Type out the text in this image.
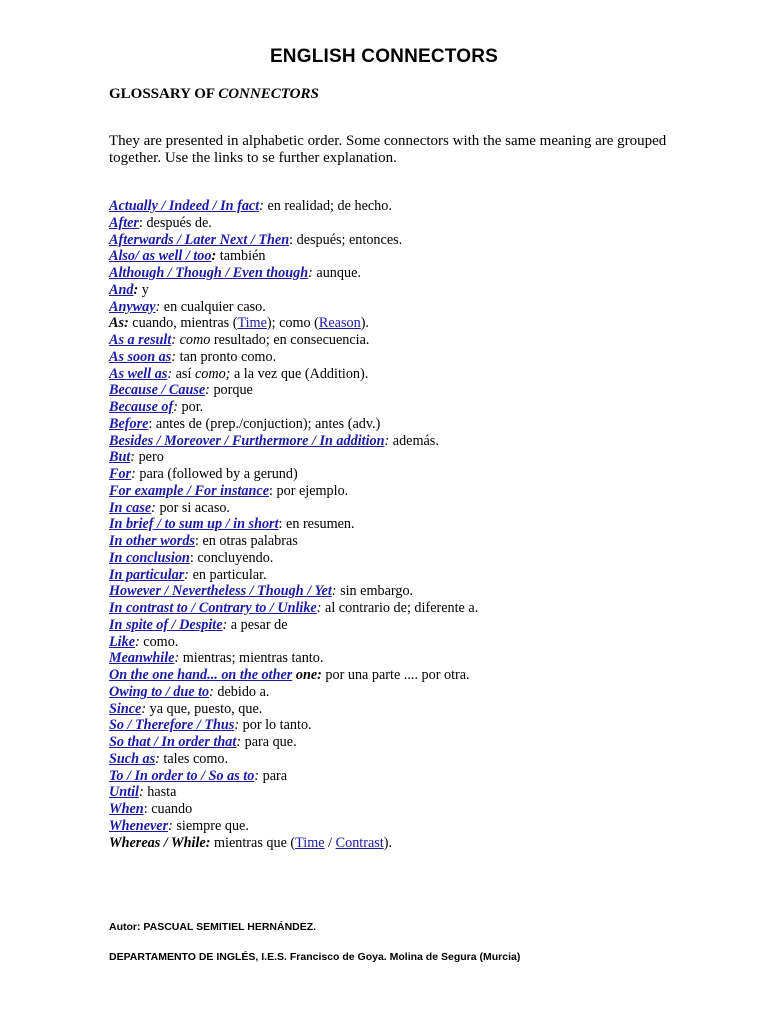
ENGLISH CONNECTORS
GLOSSARY OF CONNECTORS
They are presented in alphabetic order. Some connectors with the same meaning are grouped together. Use the links to se further explanation.
Actually / Indeed / In fact: en realidad; de hecho.
After: después de.
Afterwards / Later Next / Then: después; entonces.
Also/ as well / too: también
Although / Though / Even though: aunque.
And: y
Anyway: en cualquier caso.
As: cuando, mientras (Time); como (Reason).
As a result: como resultado; en consecuencia.
As soon as: tan pronto como.
As well as: así como; a la vez que (Addition).
Because / Cause: porque
Because of: por.
Before: antes de (prep./conjuction); antes (adv.)
Besides / Moreover / Furthermore / In addition: además.
But: pero
For: para (followed by a gerund)
For example / For instance: por ejemplo.
In case: por si acaso.
In brief / to sum up / in short: en resumen.
In other words: en otras palabras
In conclusion: concluyendo.
In particular: en particular.
However / Nevertheless / Though / Yet: sin embargo.
In contrast to / Contrary to / Unlike: al contrario de; diferente a.
In spite of / Despite: a pesar de
Like: como.
Meanwhile: mientras; mientras tanto.
On the one hand... on the other one: por una parte .... por otra.
Owing to / due to: debido a.
Since: ya que, puesto, que.
So / Therefore / Thus: por lo tanto.
So that / In order that: para que.
Such as: tales como.
To / In order to / So as to: para
Until: hasta
When: cuando
Whenever: siempre que.
Whereas / While: mientras que (Time / Contrast).
Autor: PASCUAL SEMITIEL HERNÁNDEZ.
DEPARTAMENTO DE INGLÉS, I.E.S. Francisco de Goya. Molina de Segura (Murcia)
